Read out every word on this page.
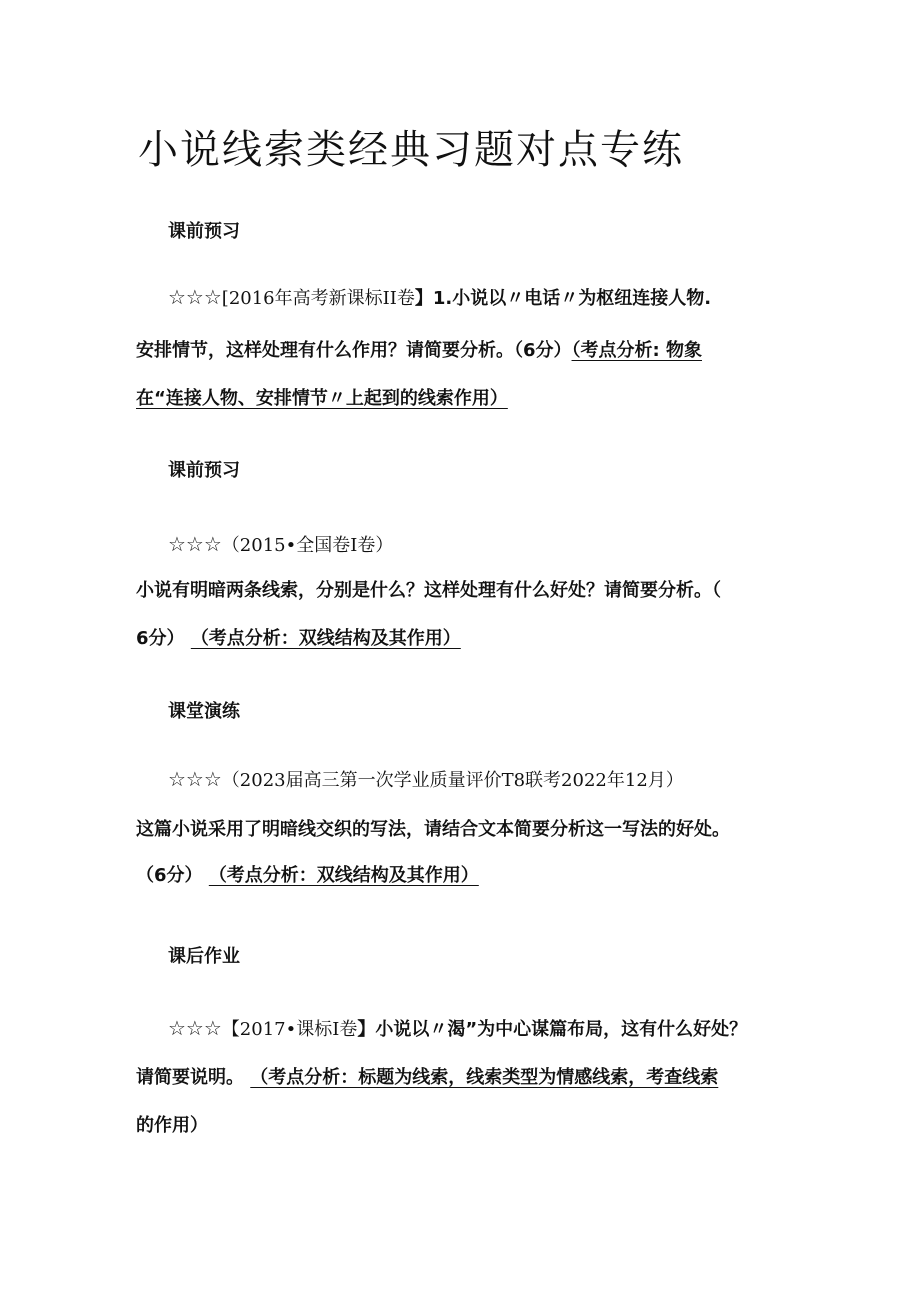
小说线索类经典习题对点专练
课前预习
☆☆☆[2016年高考新课标II卷】1.小说以〃电话〃为枢纽连接人物.
安排情节，这样处理有什么作用？请简要分析。（6分）（考点分析: 物象
在“连接人物、安排情节〃上起到的线索作用）
课前预习
☆☆☆（2015•全国卷I卷）
小说有明暗两条线索，分别是什么？这样处理有什么好处？请简要分析。（
6分） （考点分析：双线结构及其作用）
课堂演练
☆☆☆（2023届高三第一次学业质量评价T8联考2022年12月）
这篇小说采用了明暗线交织的写法，请结合文本简要分析这一写法的好处。
（6分） （考点分析：双线结构及其作用）
课后作业
☆☆☆【2017•课标I卷】小说以〃渴”为中心谋篇布局，这有什么好处？
请简要说明。 （考点分析：标题为线索，线索类型为情感线索，考查线索
的作用）
